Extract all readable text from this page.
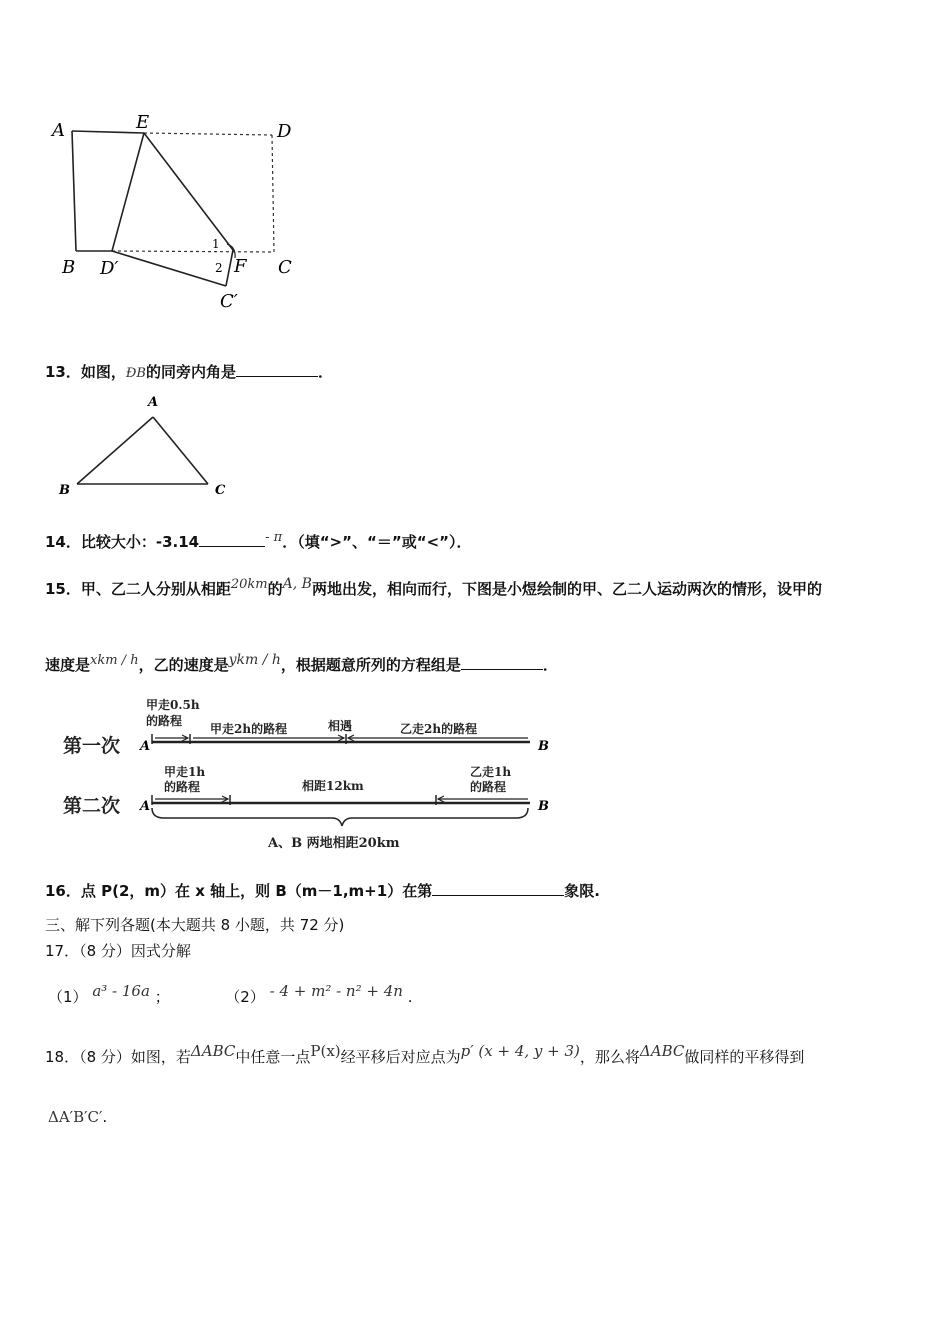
A	E	D
B D′	F C
C′
1
2
13．如图，ÐB的同旁内角是	．
A
B	C
14．比较大小：-3.14	$^{- \pi}$．（填“>”、“＝”或“<”）．
15．甲、乙二人分别从相距$^{20km}$的$^{A, B}$两地出发，相向而行，下图是小煜绘制的甲、乙二人运动两次的情形，设甲的
速度是$^{xkm / h}$，乙的速度是$^{ykm / h}$，根据题意所列的方程组是	．
第一次 A	B
甲走0.5h
的路程
甲走2h的路程	相遇	乙走2h的路程
第二次 A	B
甲走1h
的路程	相距12km
乙走1h
的路程
A、B 两地相距20km
16．点 P(2，m）在 x 轴上，则 B（m－1,m+1）在第	象限.
三、解下列各题(本大题共 8 小题，共 72 分)
17．（8 分）因式分解
（1） $^{a^3 - 16a}$ ；	（2） $^{- 4 + m^2 - n^2 + 4n}$ .
18．（8 分）如图，若$^{\Delta ABC}$中任意一点$^{P(x)}$经平移后对应点为$^{p' (x + 4, y + 3)}$，那么将$^{\Delta ABC}$做同样的平移得到
ΔA′B′C′.
